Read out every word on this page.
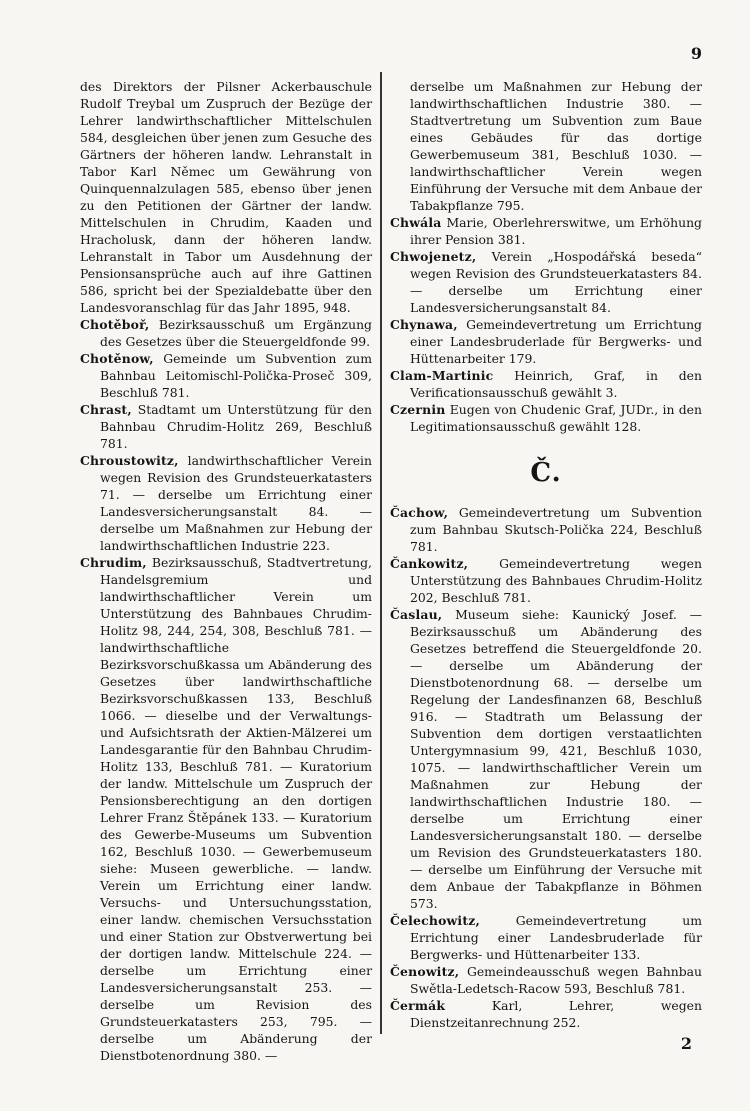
9

des Direktors der Pilsner Ackerbauschule Rudolf Treybal um Zuspruch der Bezüge der Lehrer landwirthschaftlicher Mittelschulen 584, desgleichen über jenen zum Gesuche des Gärtners der höheren landw. Lehranstalt in Tabor Karl Němec um Gewährung von Quinquennalzulagen 585, ebenso über jenen zu den Petitionen der Gärtner der landw. Mittelschulen in Chrudim, Kaaden und Hracholusk, dann der höheren landw. Lehranstalt in Tabor um Ausdehnung der Pensionsansprüche auch auf ihre Gattinen 586, spricht bei der Spezialdebatte über den Landesvoranschlag für das Jahr 1895, 948.

Chotěboř, Bezirksausschuß um Ergänzung des Gesetzes über die Steuergeldfonde 99.

Chotěnow, Gemeinde um Subvention zum Bahnbau Leitomischl-Polička-Proseč 309, Beschluß 781.

Chrast, Stadtamt um Unterstützung für den Bahnbau Chrudim-Holitz 269, Beschluß 781.

Chroustowitz, landwirthschaftlicher Verein wegen Revision des Grundsteuerkatasters 71. — derselbe um Errichtung einer Landesversicherungsanstalt 84. — derselbe um Maßnahmen zur Hebung der landwirthschaftlichen Industrie 223.

Chrudim, Bezirksausschuß, Stadtvertretung, Handelsgremium und landwirthschaftlicher Verein um Unterstützung des Bahnbaues Chrudim-Holitz 98, 244, 254, 308, Beschluß 781. — landwirthschaftliche Bezirksvorschußkassa um Abänderung des Gesetzes über landwirthschaftliche Bezirksvorschußkassen 133, Beschluß 1066. — dieselbe und der Verwaltungs- und Aufsichtsrath der Aktien-Mälzerei um Landesgarantie für den Bahnbau Chrudim-Holitz 133, Beschluß 781. — Kuratorium der landw. Mittelschule um Zuspruch der Pensionsberechtigung an den dortigen Lehrer Franz Štěpánek 133. — Kuratorium des Gewerbe-Museums um Subvention 162, Beschluß 1030. — Gewerbemuseum siehe: Museen gewerbliche. — landw. Verein um Errichtung einer landw. Versuchs- und Untersuchungsstation, einer landw. chemischen Versuchsstation und einer Station zur Obstverwertung bei der dortigen landw. Mittelschule 224. — derselbe um Errichtung einer Landesversicherungsanstalt 253. — derselbe um Revision des Grundsteuerkatasters 253, 795. — derselbe um Abänderung der Dienstbotenordnung 380. —

derselbe um Maßnahmen zur Hebung der landwirthschaftlichen Industrie 380. — Stadtvertretung um Subvention zum Baue eines Gebäudes für das dortige Gewerbemuseum 381, Beschluß 1030. — landwirthschaftlicher Verein wegen Einführung der Versuche mit dem Anbaue der Tabakpflanze 795.

Chwála Marie, Oberlehrerswitwe, um Erhöhung ihrer Pension 381.

Chwojenetz, Verein „Hospodářská beseda“ wegen Revision des Grundsteuerkatasters 84. — derselbe um Errichtung einer Landesversicherungsanstalt 84.

Chynawa, Gemeindevertretung um Errichtung einer Landesbruderlade für Bergwerks- und Hüttenarbeiter 179.

Clam-Martinic Heinrich, Graf, in den Verificationsausschuß gewählt 3.

Czernin Eugen von Chudenic Graf, JUDr., in den Legitimationsausschuß gewählt 128.

Č.

Čachow, Gemeindevertretung um Subvention zum Bahnbau Skutsch-Polička 224, Beschluß 781.

Čankowitz, Gemeindevertretung wegen Unterstützung des Bahnbaues Chrudim-Holitz 202, Beschluß 781.

Časlau, Museum siehe: Kaunický Josef. — Bezirksausschuß um Abänderung des Gesetzes betreffend die Steuergeldfonde 20. — derselbe um Abänderung der Dienstbotenordnung 68. — derselbe um Regelung der Landesfinanzen 68, Beschluß 916. — Stadtrath um Belassung der Subvention dem dortigen verstaatlichten Untergymnasium 99, 421, Beschluß 1030, 1075. — landwirthschaftlicher Verein um Maßnahmen zur Hebung der landwirthschaftlichen Industrie 180. — derselbe um Errichtung einer Landesversicherungsanstalt 180. — derselbe um Revision des Grundsteuerkatasters 180. — derselbe um Einführung der Versuche mit dem Anbaue der Tabakpflanze in Böhmen 573.

Čelechowitz,	Gemeindevertretung um Errichtung einer Landesbruderlade für Bergwerks- und Hüttenarbeiter 133.

Čenowitz, Gemeindeausschuß wegen Bahnbau Swětla-Ledetsch-Racow 593, Beschluß 781.

Čermák	Karl, Lehrer, wegen Dienstzeitanrechnung 252.

2
